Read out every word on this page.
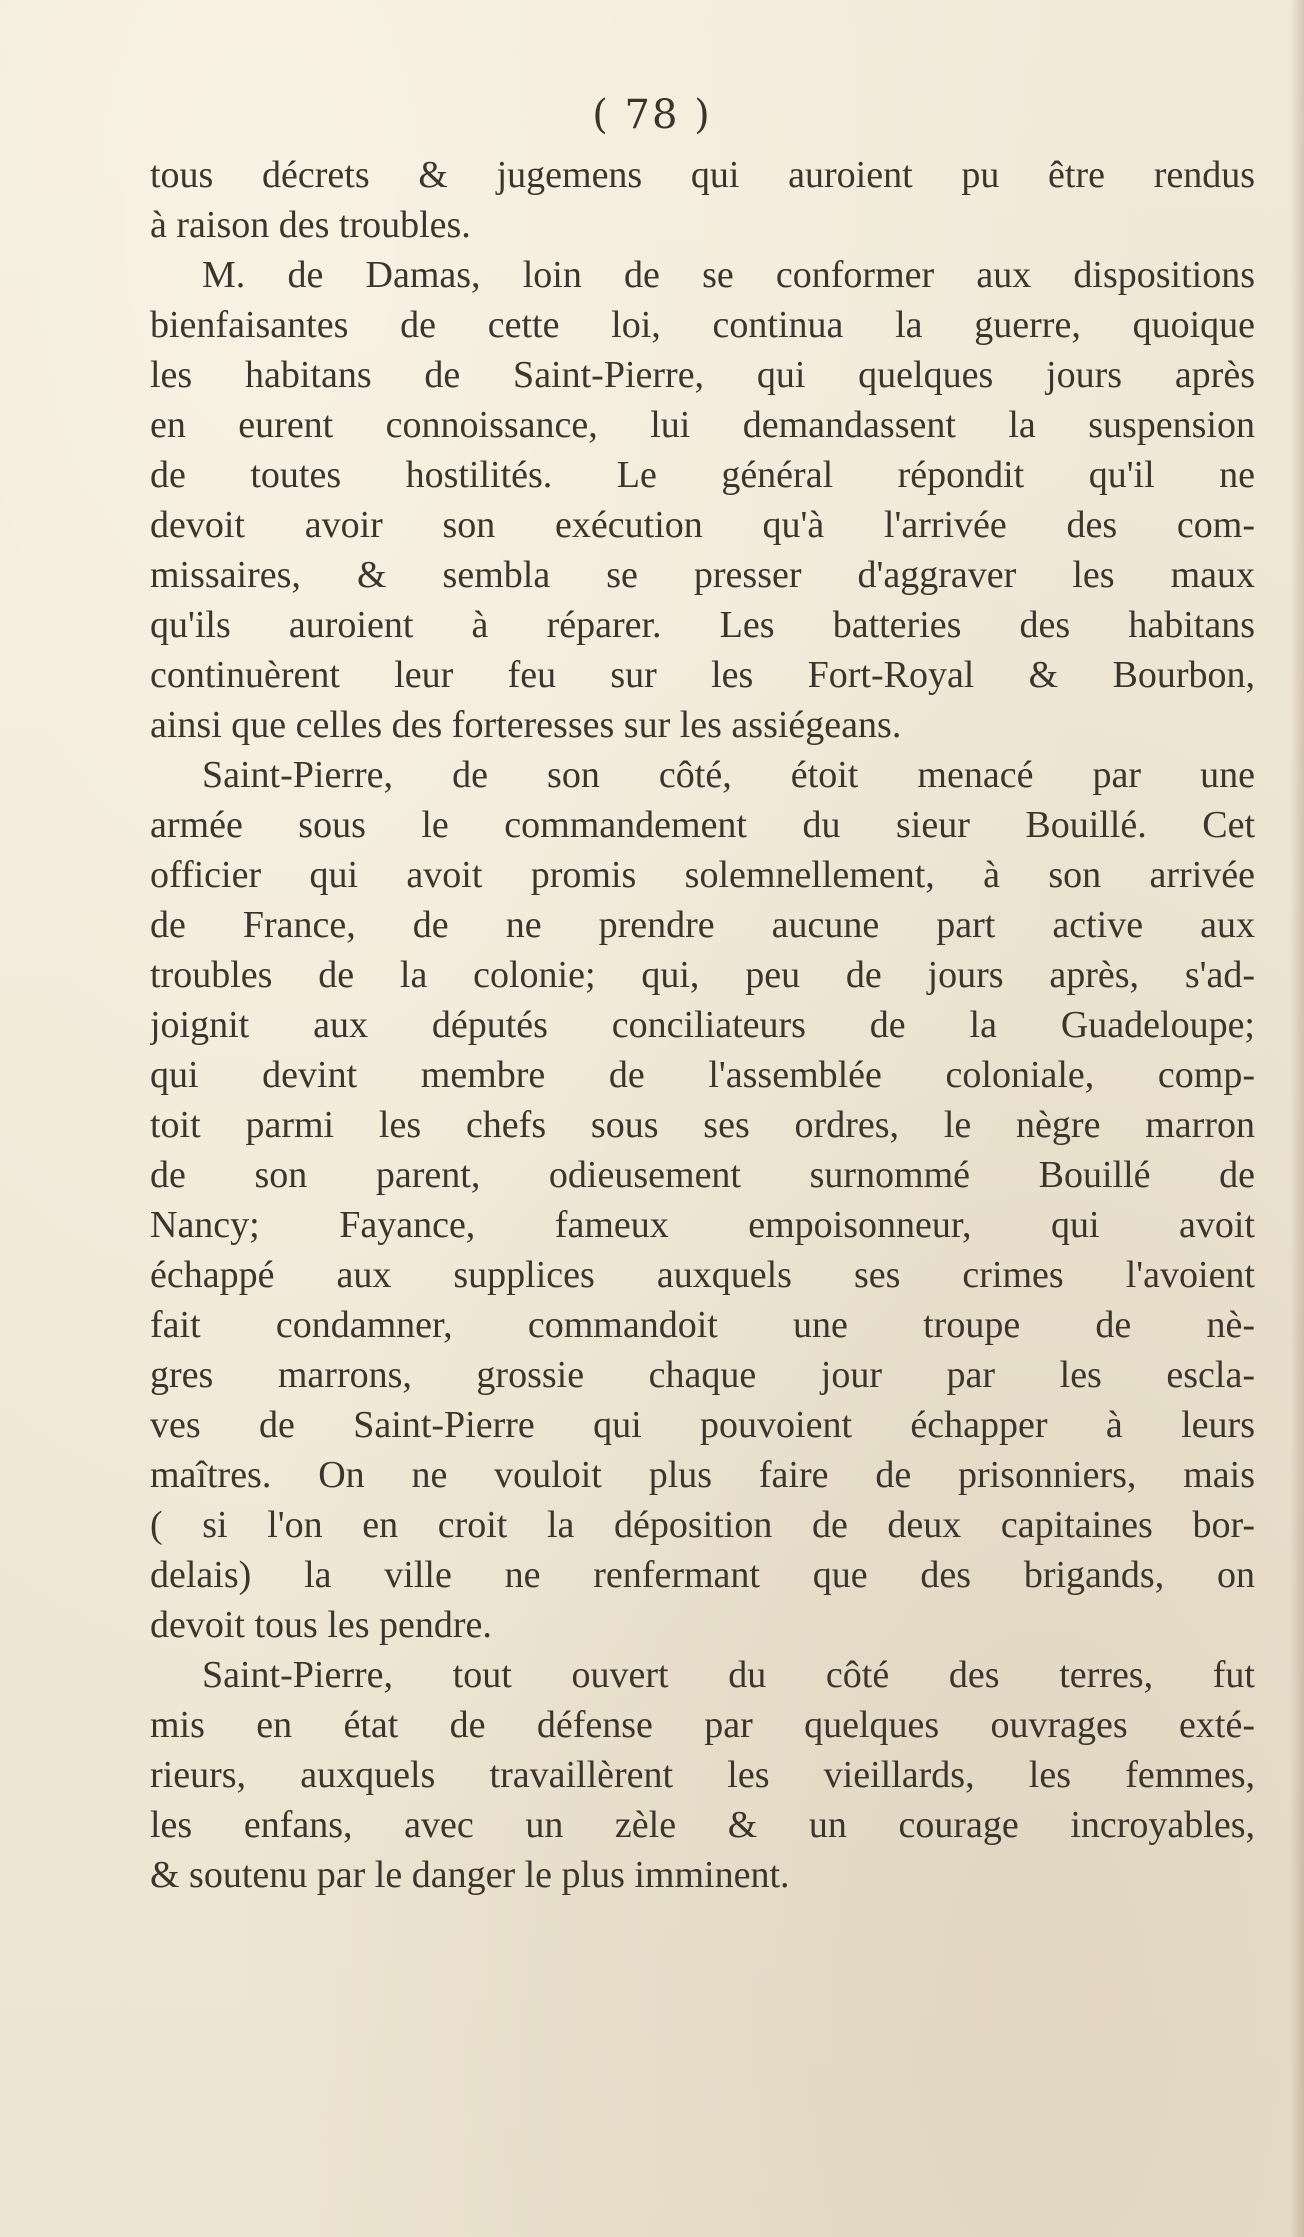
( 78 )
tous décrets & jugemens qui auroient pu être rendus
à raison des troubles.
M. de Damas, loin de se conformer aux dispositions
bienfaisantes de cette loi, continua la guerre, quoique
les habitans de Saint-Pierre, qui quelques jours après
en eurent connoissance, lui demandassent la suspension
de toutes hostilités. Le général répondit qu'il ne
devoit avoir son exécution qu'à l'arrivée des com-
missaires, & sembla se presser d'aggraver les maux
qu'ils auroient à réparer. Les batteries des habitans
continuèrent leur feu sur les Fort-Royal & Bourbon,
ainsi que celles des forteresses sur les assiégeans.
Saint-Pierre, de son côté, étoit menacé par une
armée sous le commandement du sieur Bouillé. Cet
officier qui avoit promis solemnellement, à son arrivée
de France, de ne prendre aucune part active aux
troubles de la colonie; qui, peu de jours après, s'ad-
joignit aux députés conciliateurs de la Guadeloupe;
qui devint membre de l'assemblée coloniale, comp-
toit parmi les chefs sous ses ordres, le nègre marron
de son parent, odieusement surnommé Bouillé de
Nancy; Fayance, fameux empoisonneur, qui avoit
échappé aux supplices auxquels ses crimes l'avoient
fait condamner, commandoit une troupe de nè-
gres marrons, grossie chaque jour par les escla-
ves de Saint-Pierre qui pouvoient échapper à leurs
maîtres. On ne vouloit plus faire de prisonniers, mais
( si l'on en croit la déposition de deux capitaines bor-
delais) la ville ne renfermant que des brigands, on
devoit tous les pendre.
Saint-Pierre, tout ouvert du côté des terres, fut
mis en état de défense par quelques ouvrages exté-
rieurs, auxquels travaillèrent les vieillards, les femmes,
les enfans, avec un zèle & un courage incroyables,
& soutenu par le danger le plus imminent.
